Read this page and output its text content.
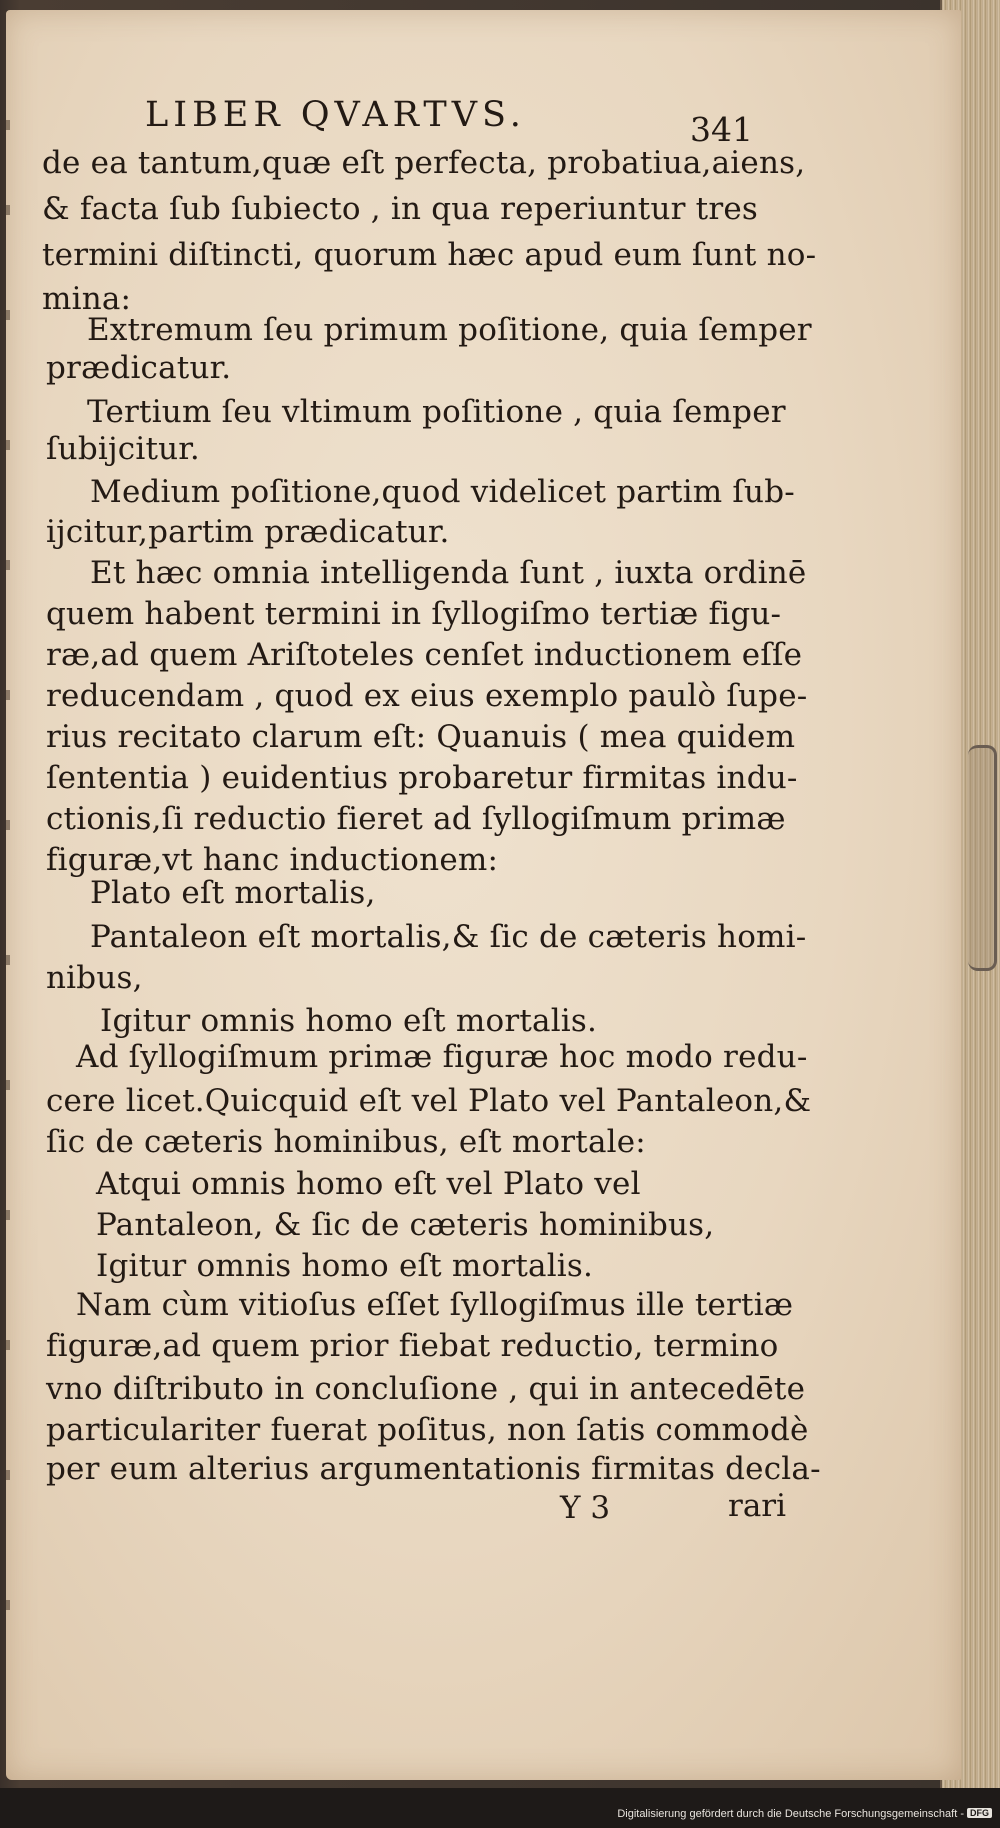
LIBER QVARTVS.	341
de ea tantum,quæ eſt perfecta, probatiua,aiens,
& facta ſub ſubiecto , in qua reperiuntur tres
termini diſtincti, quorum hæc apud eum ſunt no-
mina:
Extremum ſeu primum poſitione, quia ſemper
prædicatur.
Tertium ſeu vltimum poſitione , quia ſemper
ſubijcitur.
Medium poſitione,quod videlicet partim ſub-
ijcitur,partim prædicatur.
Et hæc omnia intelligenda ſunt , iuxta ordinē
quem habent termini in ſyllogiſmo tertiæ figu-
ræ,ad quem Ariſtoteles cenſet inductionem eſſe
reducendam , quod ex eius exemplo paulò ſupe-
rius recitato clarum eſt: Quanuis ( mea quidem
ſententia ) euidentius probaretur firmitas indu-
ctionis,ſi reductio fieret ad ſyllogiſmum primæ
figuræ,vt hanc inductionem:
Plato eſt mortalis,
Pantaleon eſt mortalis,& ſic de cæteris homi-
nibus,
Igitur omnis homo eſt mortalis.
Ad ſyllogiſmum primæ figuræ hoc modo redu-
cere licet.Quicquid eſt vel Plato vel Pantaleon,&
ſic de cæteris hominibus, eſt mortale:
Atqui omnis homo eſt vel Plato vel
Pantaleon, & ſic de cæteris hominibus,
Igitur omnis homo eſt mortalis.
Nam cùm vitioſus eſſet ſyllogiſmus ille tertiæ
figuræ,ad quem prior fiebat reductio, termino
vno diſtributo in concluſione , qui in antecedēte
particulariter fuerat poſitus, non ſatis commodè
per eum alterius argumentationis firmitas decla-
Y 3	rari
Digitalisierung gefördert durch die Deutsche Forschungsgemeinschaft - DFG
